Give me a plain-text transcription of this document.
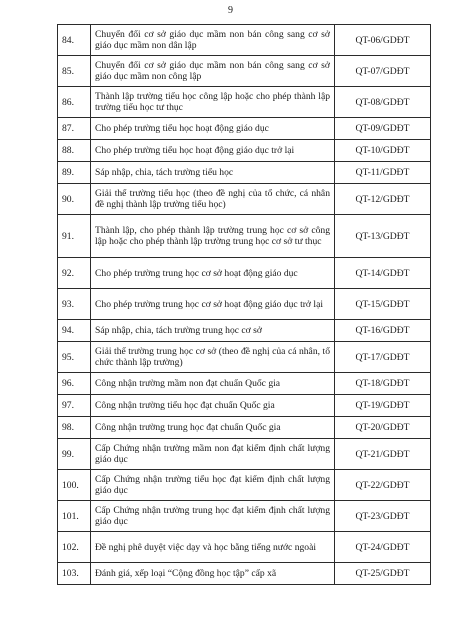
9
84.	Chuyển đổi cơ sở giáo dục mầm non bán công sang cơ sở giáo dục mầm non dân lập	QT-06/GDĐT
85.	Chuyển đổi cơ sở giáo dục mầm non bán công sang cơ sở giáo dục mầm non công lập	QT-07/GDĐT
86.	Thành lập trường tiểu học công lập hoặc cho phép thành lập trường tiểu học tư thục	QT-08/GDĐT
87.	Cho phép trường tiểu học hoạt động giáo dục	QT-09/GDĐT
88.	Cho phép trường tiểu học hoạt động giáo dục trở lại	QT-10/GDĐT
89.	Sáp nhập, chia, tách trường tiểu học	QT-11/GDĐT
90.	Giải thể trường tiểu học (theo đề nghị của tổ chức, cá nhân đề nghị thành lập trường tiểu học)	QT-12/GDĐT
91.	Thành lập, cho phép thành lập trường trung học cơ sở công lập hoặc cho phép thành lập trường trung học cơ sở tư thục	QT-13/GDĐT
92.	Cho phép trường trung học cơ sở hoạt động giáo dục	QT-14/GDĐT
93.	Cho phép trường trung học cơ sở hoạt động giáo dục trở lại	QT-15/GDĐT
94.	Sáp nhập, chia, tách trường trung học cơ sở	QT-16/GDĐT
95.	Giải thể trường trung học cơ sở (theo đề nghị của cá nhân, tổ chức thành lập trường)	QT-17/GDĐT
96.	Công nhận trường mầm non đạt chuẩn Quốc gia	QT-18/GDĐT
97.	Công nhận trường tiểu học đạt chuẩn Quốc gia	QT-19/GDĐT
98.	Công nhận trường trung học đạt chuẩn Quốc gia	QT-20/GDĐT
99.	Cấp Chứng nhận trường mầm non đạt kiểm định chất lượng giáo dục	QT-21/GDĐT
100.	Cấp Chứng nhận trường tiểu học đạt kiểm định chất lượng giáo dục	QT-22/GDĐT
101.	Cấp Chứng nhận trường trung học đạt kiểm định chất lượng giáo dục	QT-23/GDĐT
102.	Đề nghị phê duyệt việc dạy và học bằng tiếng nước ngoài	QT-24/GDĐT
103.	Đánh giá, xếp loại “Cộng đồng học tập” cấp xã	QT-25/GDĐT
